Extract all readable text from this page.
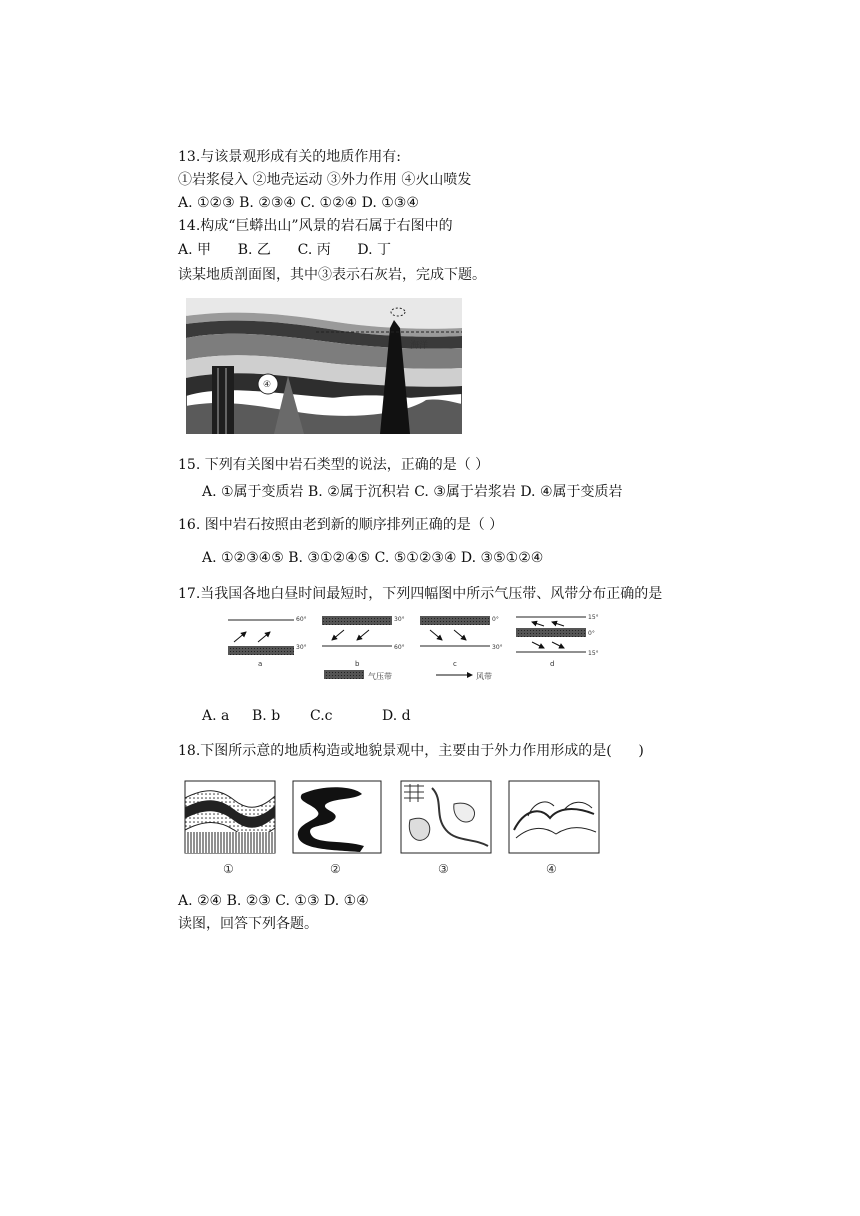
13.与该景观形成有关的地质作用有:
①岩浆侵入 ②地壳运动 ③外力作用 ④火山喷发
A. ①②③ B. ②③④ C. ①②④ D. ①③④
14.构成“巨蟒出山”风景的岩石属于右图中的
A. 甲      B. 乙      C. 丙      D. 丁
读某地质剖面图，其中③表示石灰岩，完成下题。
海洋
④
15. 下列有关图中岩石类型的说法，正确的是（ ）
A. ①属于变质岩 B. ②属于沉积岩 C. ③属于岩浆岩 D. ④属于变质岩
16. 图中岩石按照由老到新的顺序排列正确的是（ ）
A. ①②③④⑤ B. ③①②④⑤ C. ⑤①②③④ D. ③⑤①②④
17.当我国各地白昼时间最短时，下列四幅图中所示气压带、风带分布正确的是
60°
30°
30°
60°
0°
30°
15°
0°
15°
a	b	c	d
气压带	风带
A. a B. b C.c	D. d
18.下图所示意的地质构造或地貌景观中，主要由于外力作用形成的是(      )
①	②	③	④
A. ②④ B. ②③ C. ①③ D. ①④
读图，回答下列各题。
